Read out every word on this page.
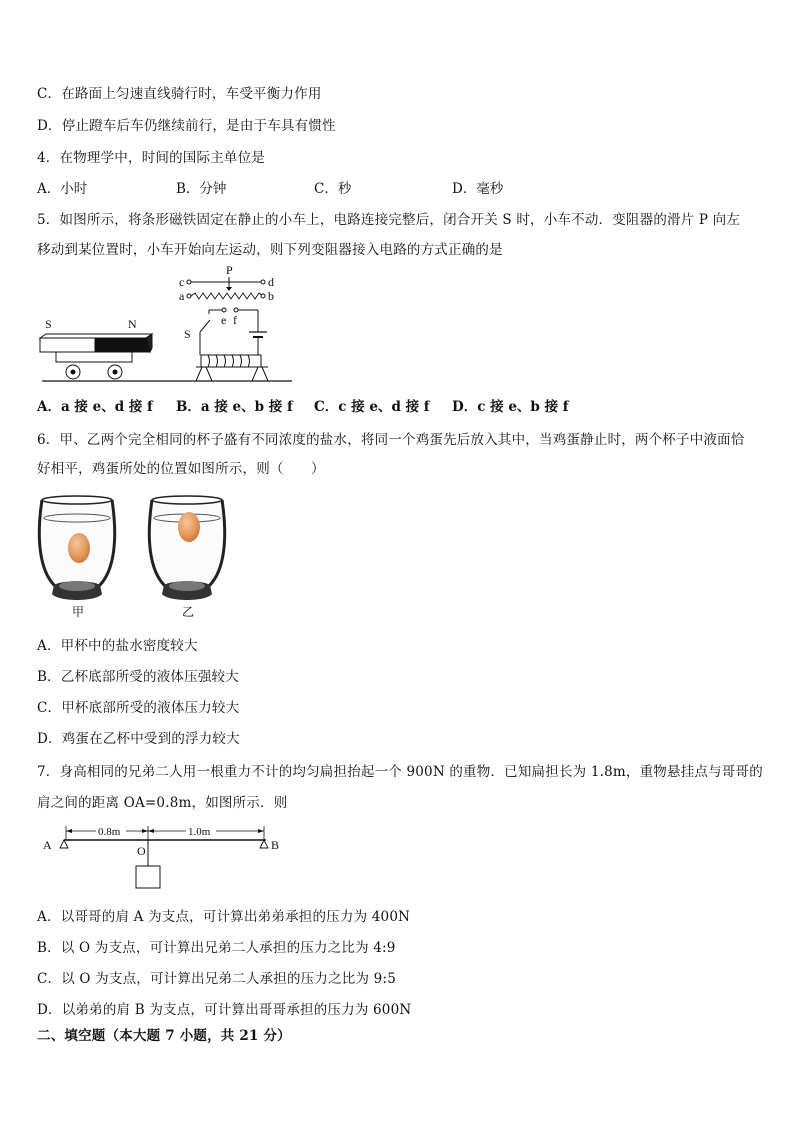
C．在路面上匀速直线骑行时，车受平衡力作用
D．停止蹬车后车仍继续前行，是由于车具有惯性
4．在物理学中，时间的国际主单位是
A．小时	B．分钟	C．秒	D．毫秒
5．如图所示，将条形磁铁固定在静止的小车上，电路连接完整后，闭合开关 S 时，小车不动．变阻器的滑片 P 向左
移动到某位置时，小车开始向左运动，则下列变阻器接入电路的方式正确的是
S	N
P
c	d
a	b
S
e f
A．a 接 e、d 接 f B．a 接 e、b 接 f C．c 接 e、d 接 f D．c 接 e、b 接 f
6．甲、乙两个完全相同的杯子盛有不同浓度的盐水，将同一个鸡蛋先后放入其中，当鸡蛋静止时，两个杯子中液面恰
好相平，鸡蛋所处的位置如图所示，则（　　）
甲	乙
A．甲杯中的盐水密度较大
B．乙杯底部所受的液体压强较大
C．甲杯底部所受的液体压力较大
D．鸡蛋在乙杯中受到的浮力较大
7．身高相同的兄弟二人用一根重力不计的均匀扁担抬起一个 900N 的重物．已知扁担长为 1.8m，重物悬挂点与哥哥的
肩之间的距离 OA=0.8m，如图所示．则
0.8m	1.0m
A	B
O
A．以哥哥的肩 A 为支点，可计算出弟弟承担的压力为 400N
B．以 O 为支点，可计算出兄弟二人承担的压力之比为 4:9
C．以 O 为支点，可计算出兄弟二人承担的压力之比为 9:5
D．以弟弟的肩 B 为支点，可计算出哥哥承担的压力为 600N
二、填空题（本大题 7 小题，共 21 分）
